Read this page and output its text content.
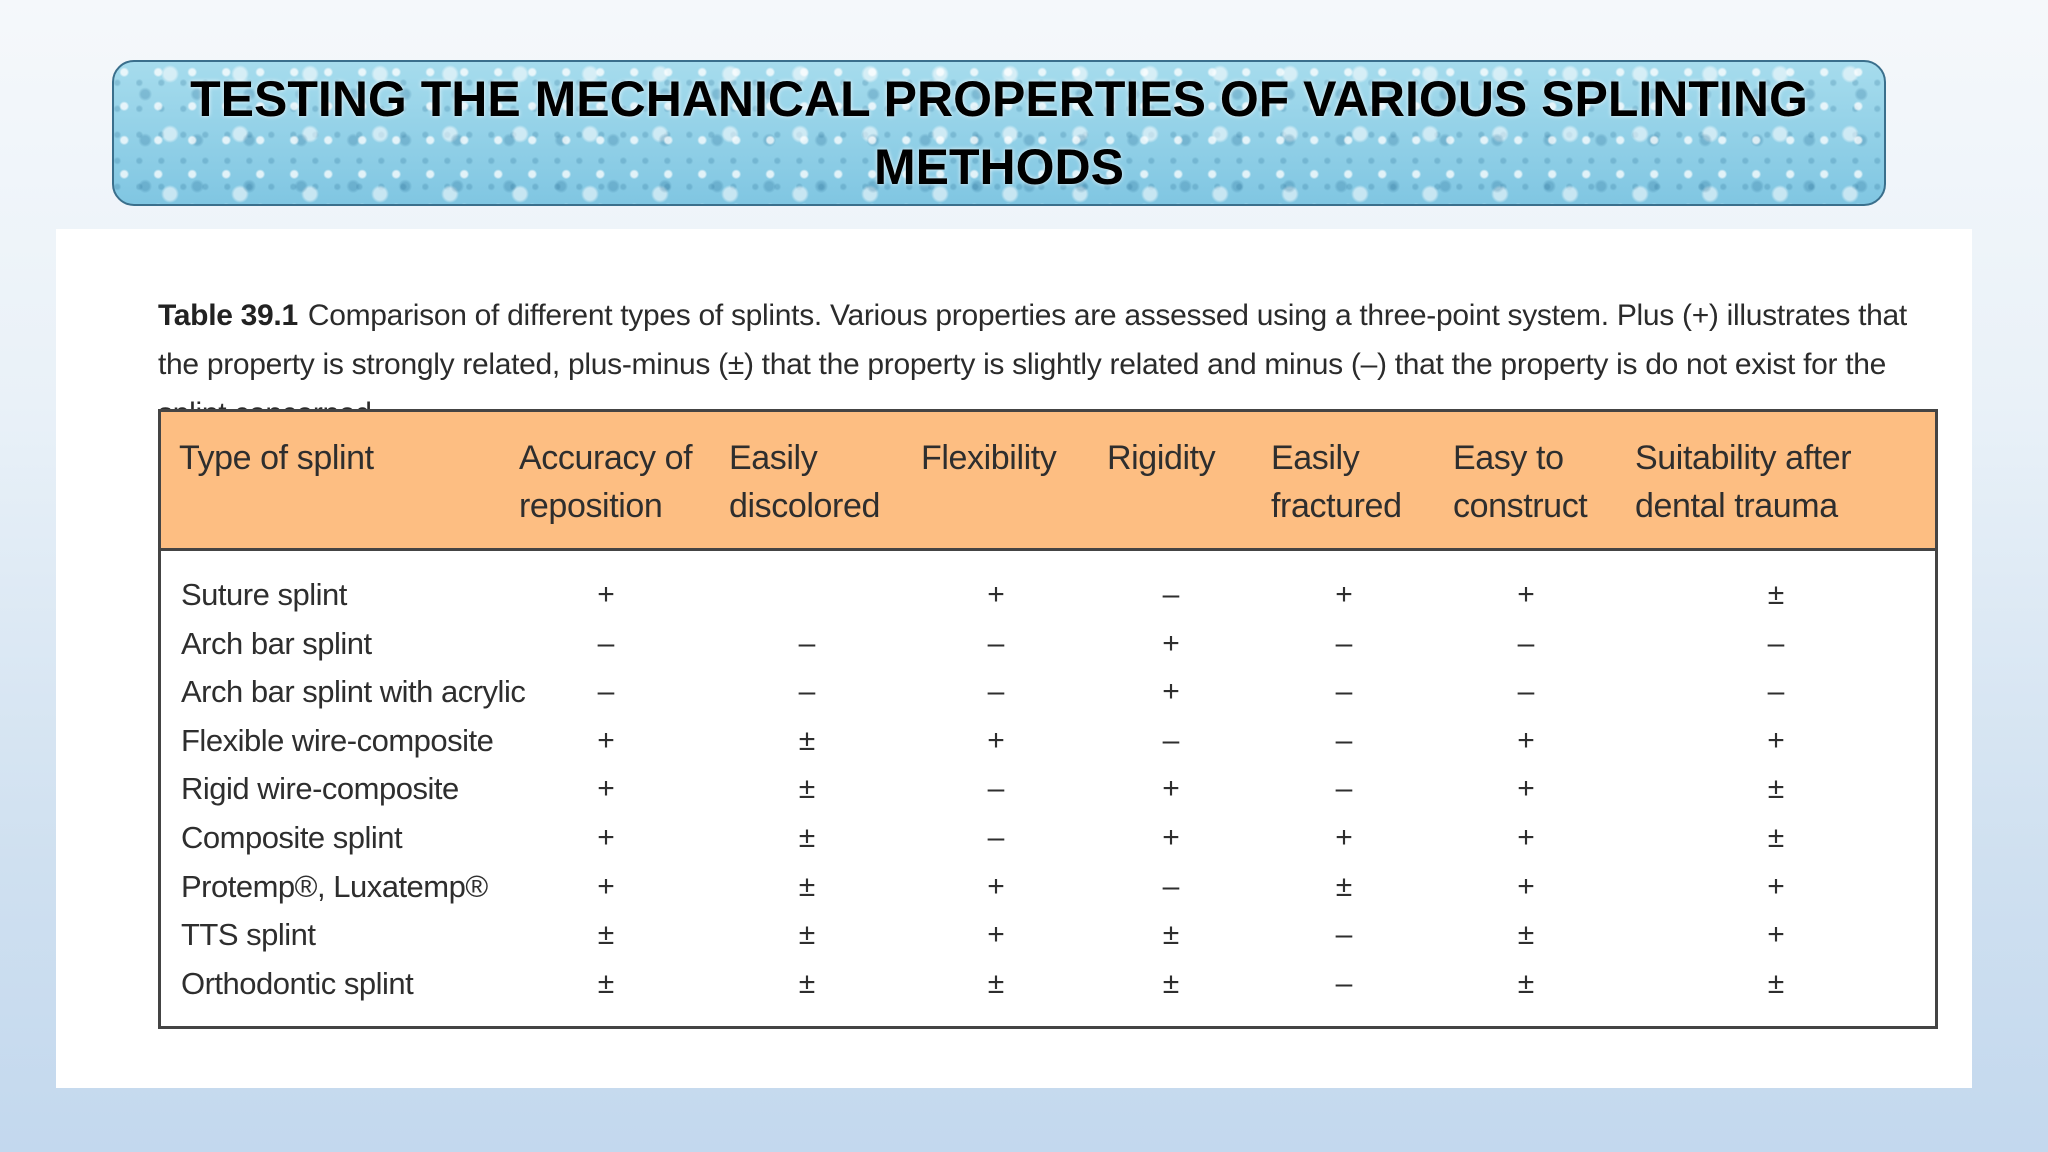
TESTING THE MECHANICAL PROPERTIES OF VARIOUS SPLINTING METHODS

Table 39.1 Comparison of different types of splints. Various properties are assessed using a three-point system. Plus (+) illustrates that the property is strongly related, plus-minus (±) that the property is slightly related and minus (–) that the property is do not exist for the splint concerned.

Type of splint	Accuracy of reposition	Easily discolored	Flexibility	Rigidity	Easily fractured	Easy to construct	Suitability after dental trauma
Suture splint	+		+	–	+	+	±
Arch bar splint	–	–	–	+	–	–	–
Arch bar splint with acrylic	–	–	–	+	–	–	–
Flexible wire-composite	+	±	+	–	–	+	+
Rigid wire-composite	+	±	–	+	–	+	±
Composite splint	+	±	–	+	+	+	±
Protemp®, Luxatemp®	+	±	+	–	±	+	+
TTS splint	±	±	+	±	–	±	+
Orthodontic splint	±	±	±	±	–	±	±
